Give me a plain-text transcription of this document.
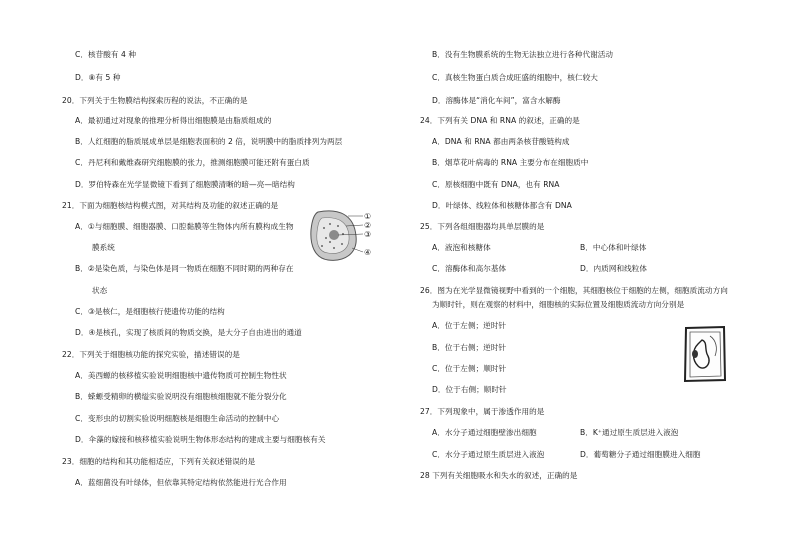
C．核苷酸有 4 种
D．⑧有 5 种
20．下列关于生物膜结构探索历程的说法，不正确的是
A．最初通过对现象的推理分析得出细胞膜是由脂质组成的
B．人红细胞的脂质展成单层是细胞表面积的 2 倍，说明膜中的脂质排列为两层
C．丹尼利和戴维森研究细胞膜的张力，推测细胞膜可能还附有蛋白质
D．罗伯特森在光学显微镜下看到了细胞膜清晰的暗—亮—暗结构
21．下面为细胞核结构模式图，对其结构及功能的叙述正确的是
A．①与细胞膜、细胞器膜、口腔黏膜等生物体内所有膜构成生物
膜系统
B．②是染色质，与染色体是同一物质在细胞不同时期的两种存在
状态
C．③是核仁，是细胞核行使遗传功能的结构
D．④是核孔，实现了核质间的物质交换，是大分子自由进出的通道
①
②
③
④
22．下列关于细胞核功能的探究实验，描述错误的是
A．美西螈的核移植实验说明细胞核中遗传物质可控制生物性状
B．蝾螈受精卵的横缢实验说明没有细胞核细胞就不能分裂分化
C．变形虫的切割实验说明细胞核是细胞生命活动的控制中心
D．伞藻的嫁接和核移植实验说明生物体形态结构的建成主要与细胞核有关
23．细胞的结构和其功能相适应，下列有关叙述错误的是
A．蓝细菌没有叶绿体，但依靠其特定结构依然能进行光合作用
B．没有生物膜系统的生物无法独立进行各种代谢活动
C．真核生物蛋白质合成旺盛的细胞中，核仁较大
D．溶酶体是“消化车间”，富含水解酶
24．下列有关 DNA 和 RNA 的叙述，正确的是
A．DNA 和 RNA 都由两条核苷酸链构成
B．烟草花叶病毒的 RNA 主要分布在细胞质中
C．原核细胞中既有 DNA，也有 RNA
D．叶绿体、线粒体和核糖体都含有 DNA
25．下列各组细胞器均具单层膜的是
A．液泡和核糖体	B．中心体和叶绿体
C．溶酶体和高尔基体	D．内质网和线粒体
26．图为在光学显微镜视野中看到的一个细胞，其细胞核位于细胞的左侧，细胞质流动方向
为顺时针，则在观察的材料中，细胞核的实际位置及细胞质流动方向分别是
A．位于左侧；逆时针
B．位于右侧；逆时针
C．位于左侧；顺时针
D．位于右侧；顺时针
27．下列现象中，属于渗透作用的是
A．水分子通过细胞壁渗出细胞	B．K⁺通过原生质层进入液泡
C．水分子通过原生质层进入液泡	D．葡萄糖分子通过细胞膜进入细胞
28 下列有关细胞吸水和失水的叙述，正确的是
